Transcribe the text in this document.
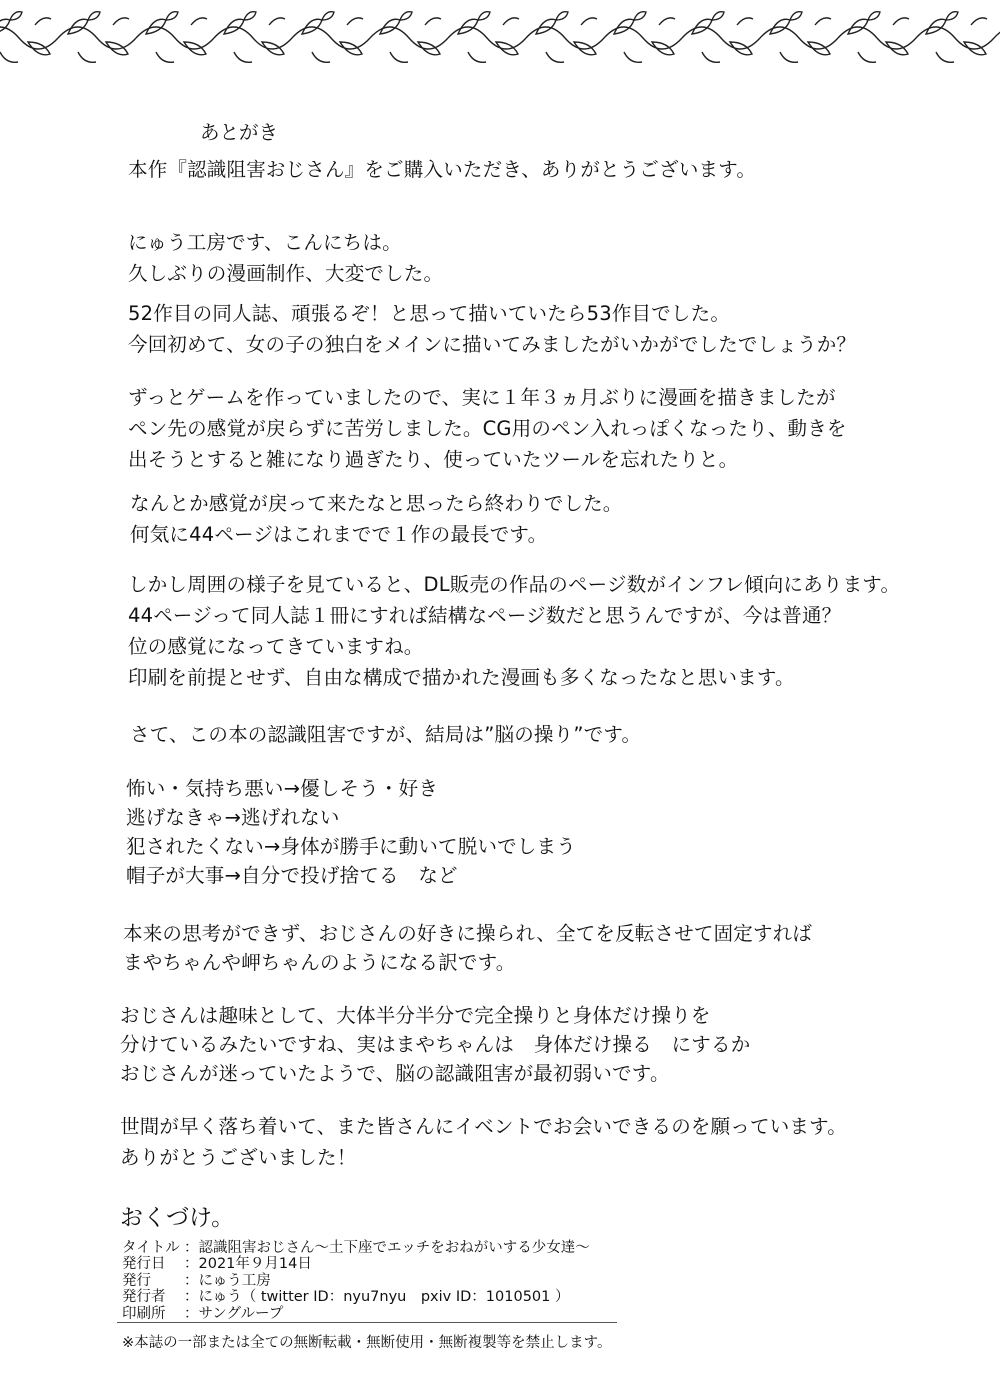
あとがき
本作『認識阻害おじさん』をご購入いただき、ありがとうございます。
にゅう工房です、こんにちは。
久しぶりの漫画制作、大変でした。
52作目の同人誌、頑張るぞ！と思って描いていたら53作目でした。
今回初めて、女の子の独白をメインに描いてみましたがいかがでしたでしょうか？
ずっとゲームを作っていましたので、実に１年３ヵ月ぶりに漫画を描きましたが
ペン先の感覚が戻らずに苦労しました。CG用のペン入れっぽくなったり、動きを
出そうとすると雑になり過ぎたり、使っていたツールを忘れたりと。
なんとか感覚が戻って来たなと思ったら終わりでした。
何気に44ページはこれまでで１作の最長です。
しかし周囲の様子を見ていると、DL販売の作品のページ数がインフレ傾向にあります。
44ページって同人誌１冊にすれば結構なページ数だと思うんですが、今は普通？
位の感覚になってきていますね。
印刷を前提とせず、自由な構成で描かれた漫画も多くなったなと思います。
さて、この本の認識阻害ですが、結局は”脳の操り”です。
怖い・気持ち悪い→優しそう・好き
逃げなきゃ→逃げれない
犯されたくない→身体が勝手に動いて脱いでしまう
帽子が大事→自分で投げ捨てる　など
本来の思考ができず、おじさんの好きに操られ、全てを反転させて固定すれば
まやちゃんや岬ちゃんのようになる訳です。
おじさんは趣味として、大体半分半分で完全操りと身体だけ操りを
分けているみたいですね、実はまやちゃんは　身体だけ操る　にするか
おじさんが迷っていたようで、脳の認識阻害が最初弱いです。
世間が早く落ち着いて、また皆さんにイベントでお会いできるのを願っています。
ありがとうございました！
おくづけ。
タイトル ：認識阻害おじさん～土下座でエッチをおねがいする少女達～
発行日 ：2021年９月14日
発行 ：にゅう工房
発行者 ：にゅう（ twitter ID：nyu7nyu　pxiv ID：1010501 ）
印刷所 ：サングループ
※本誌の一部または全ての無断転載・無断使用・無断複製等を禁止します。
